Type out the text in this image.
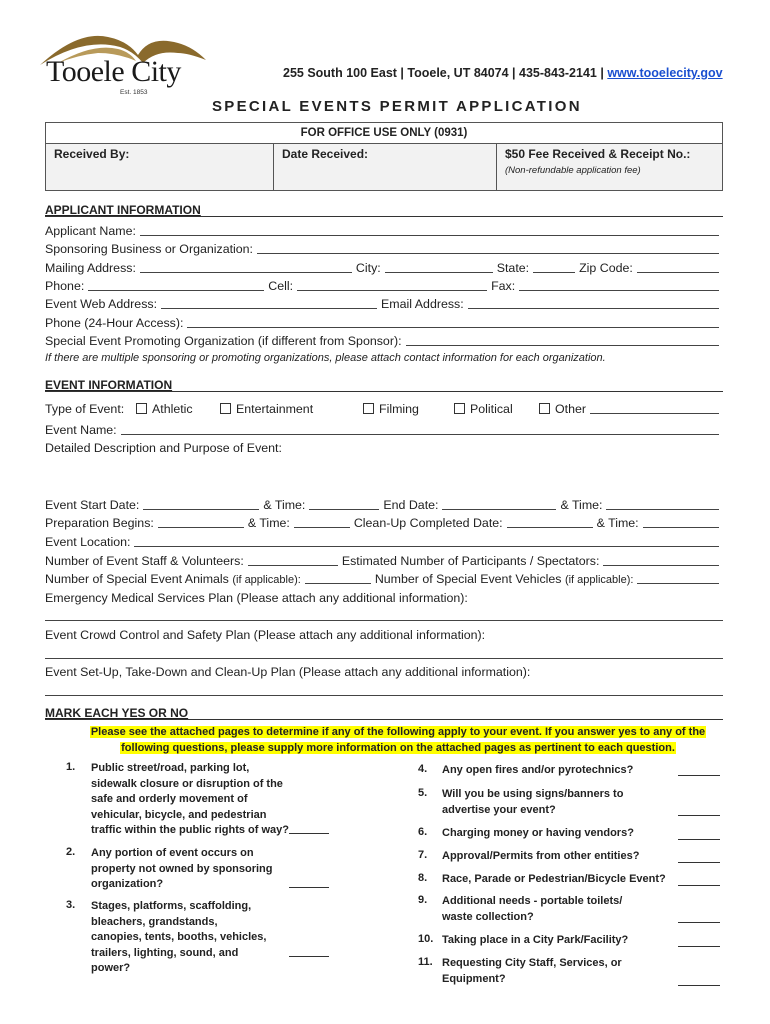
Tooele City
Est. 1853
255 South 100 East | Tooele, UT 84074 | 435-843-2141 | www.tooelecity.gov
SPECIAL EVENTS PERMIT APPLICATION
FOR OFFICE USE ONLY (0931)
Received By:	Date Received:	$50 Fee Received & Receipt No.:
(Non-refundable application fee)
APPLICANT INFORMATION
Applicant Name:
Sponsoring Business or Organization:
Mailing Address:	City:	State:	Zip Code:
Phone:	Cell:	Fax:
Event Web Address:	Email Address:
Phone (24-Hour Access):
Special Event Promoting Organization (if different from Sponsor):
If there are multiple sponsoring or promoting organizations, please attach contact information for each organization.
EVENT INFORMATION
Type of Event:	Athletic	Entertainment	Filming	Political	Other
Event Name:
Detailed Description and Purpose of Event:
Event Start Date:	& Time:	End Date:	& Time:
Preparation Begins:	& Time:	Clean-Up Completed Date:	& Time:
Event Location:
Number of Event Staff & Volunteers:	Estimated Number of Participants / Spectators:
Number of Special Event Animals
(if applicable):	Number of Special Event Vehicles
(if applicable):
Emergency Medical Services Plan (Please attach any additional information):
Event Crowd Control and Safety Plan (Please attach any additional information):
Event Set-Up, Take-Down and Clean-Up Plan (Please attach any additional information):
MARK EACH YES OR NO
Please see the attached pages to determine if any of the following apply to your event. If you answer yes to any of the
following questions, please supply more information on the attached pages as pertinent to each question.
1. Public street/road, parking lot, sidewalk closure or disruption of the safe and orderly movement of vehicular, bicycle, and pedestrian traffic within the public rights of way?
2. Any portion of event occurs on property not owned by sponsoring organization?
3. Stages, platforms, scaffolding, bleachers, grandstands, canopies, tents, booths, vehicles, trailers, lighting, sound, and power?
4. Any open fires and/or pyrotechnics?
5. Will you be using signs/banners to advertise your event?
6. Charging money or having vendors?
7. Approval/Permits from other entities?
8. Race, Parade or Pedestrian/Bicycle Event?
9. Additional needs - portable toilets/ waste collection?
10. Taking place in a City Park/Facility?
11. Requesting City Staff, Services, or Equipment?
